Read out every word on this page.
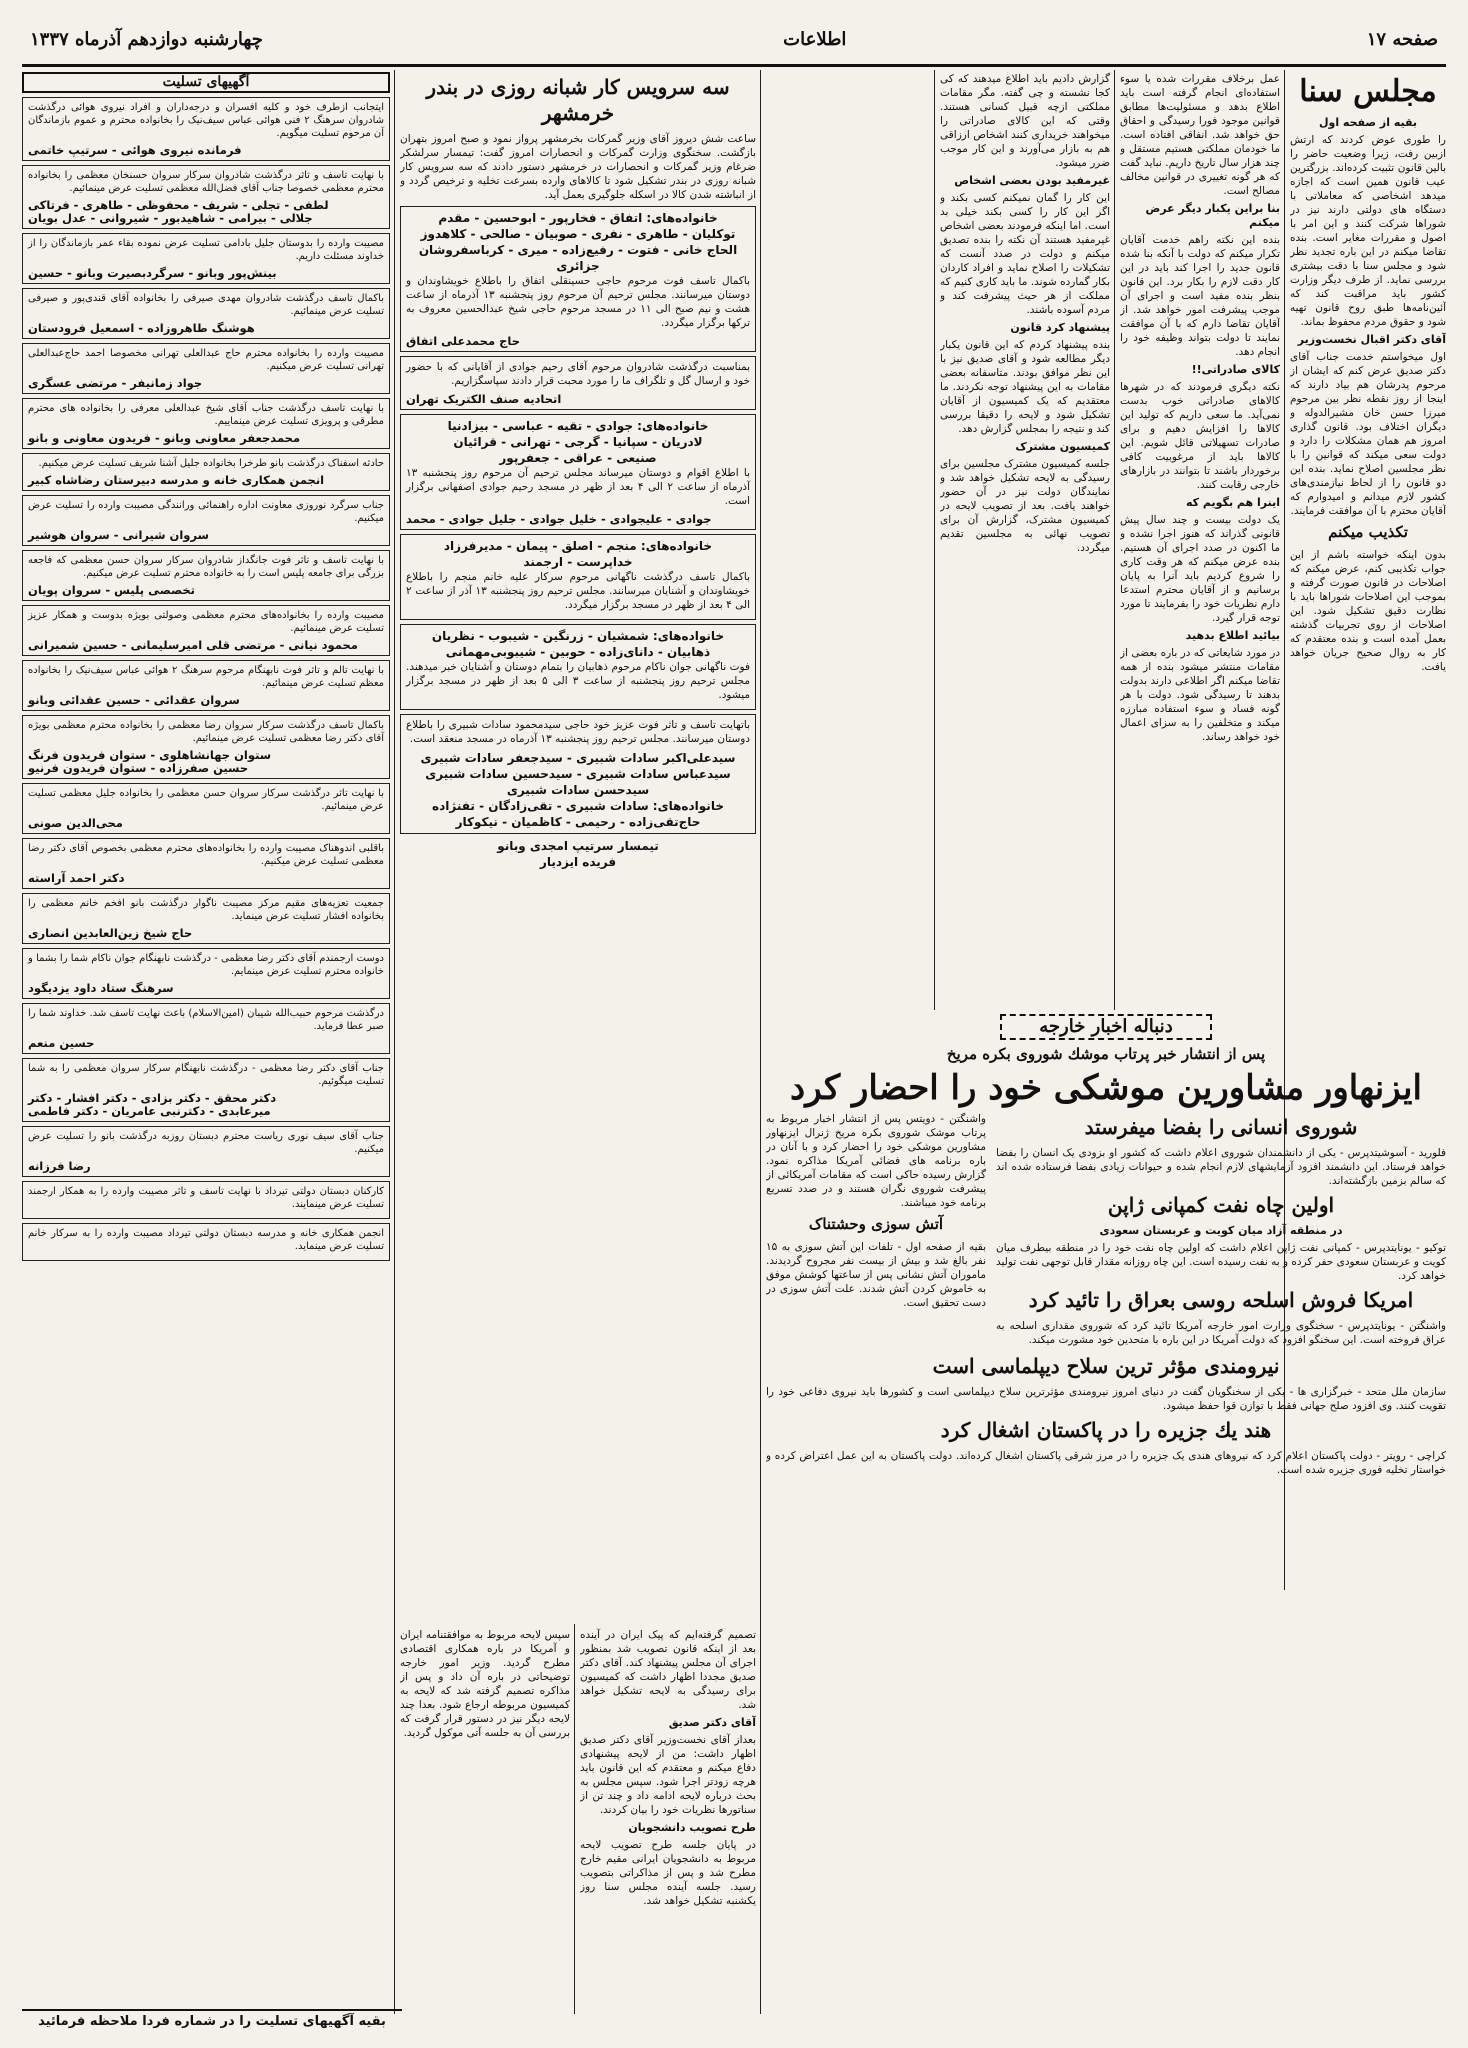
صفحه ۱۷
اطلاعات
چهارشنبه دوازدهم آذرماه ۱۳۳۷
مجلس سنا
بقیه از صفحه اول

را طوری عوض کردند که ارتش ازبین رفت، زیرا وضعیت حاضر را بالین قانون تثبیت کرده‌اند. بزرگترین عیب قانون همین است که اجازه میدهد اشخاصی که معاملاتی با دستگاه های دولتی دارند نیز در شوراها شرکت کنند و این امر با اصول و مقررات مغایر است. بنده تقاضا میکنم در این باره تجدید نظر شود و مجلس سنا با دقت بیشتری بررسی نماید. از طرف دیگر وزارت کشور باید مراقبت کند که آئین‌نامه‌ها طبق روح قانون تهیه شود و حقوق مردم محفوظ بماند.

آقای دکتر اقبال نخست‌وزیر

اول میخواستم خدمت جناب آقای دکتر صدیق عرض کنم که ایشان از مرحوم پدرشان هم بیاد دارند که اینجا از روز نقطه نظر بین مرحوم میرزا حسن خان مشیرالدوله و دیگران اختلاف بود. قانون گذاری امروز هم همان مشکلات را دارد و دولت سعی میکند که قوانین را با نظر مجلسین اصلاح نماید. بنده این دو قانون را از لحاظ نیازمندی‌های کشور لازم میدانم و امیدوارم که آقایان محترم با آن موافقت فرمایند.

تکذیب میکنم

بدون اینکه خواسته باشم از این جواب تکذیبی کنم، عرض میکنم که اصلاحات در قانون صورت گرفته و بموجب این اصلاحات شوراها باید با نظارت دقیق تشکیل شود. این اصلاحات از روی تجربیات گذشته بعمل آمده است و بنده معتقدم که کار به روال صحیح جریان خواهد یافت.

عمل برخلاف مقررات شده یا سوء استفاده‌ای انجام گرفته است باید اطلاع بدهد و مسئولیت‌ها مطابق قوانین موجود فورا رسیدگی و احقاق حق خواهد شد. انفاقی افتاده است. ما خودمان مملکتی هستیم مستقل و چند هزار سال تاریخ داریم. نباید گفت که هر گونه تغییری در قوانین مخالف مصالح است.

بنا براین یکبار دیگر عرض میکنم

بنده این نکته راهم خدمت آقایان تکرار میکنم که دولت با آنکه بنا شده قانون جدید را اجرا کند باید در این کار دقت لازم را بکار برد. این قانون بنظر بنده مفید است و اجرای آن موجب پیشرفت امور خواهد شد. از آقایان تقاضا دارم که با آن موافقت نمایند تا دولت بتواند وظیفه خود را انجام دهد.

کالای صادراتی!!

نکته دیگری فرمودند که در شهرها کالاهای صادراتی خوب بدست نمی‌آید. ما سعی داریم که تولید این کالاها را افزایش دهیم و برای صادرات تسهیلاتی قائل شویم. این کالاها باید از مرغوبیت کافی برخوردار باشند تا بتوانند در بازارهای خارجی رقابت کنند.

اینرا هم بگویم که

یک دولت بیست و چند سال پیش قانونی گذراند که هنوز اجرا نشده و ما اکنون در صدد اجرای آن هستیم. بنده عرض میکنم که هر وقت کاری را شروع کردیم باید آنرا به پایان برسانیم و از آقایان محترم استدعا دارم نظریات خود را بفرمایند تا مورد توجه قرار گیرد.

بیائید اطلاع بدهید

در مورد شایعاتی که در باره بعضی از مقامات منتشر میشود بنده از همه تقاضا میکنم اگر اطلاعی دارند بدولت بدهند تا رسیدگی شود. دولت با هر گونه فساد و سوء استفاده مبارزه میکند و متخلفین را به سزای اعمال خود خواهد رساند.

گزارش دادیم باید اطلاع میدهند که کی کجا نشسته و چی گفته. مگر مقامات مملکتی ازچه قبیل کسانی هستند. وقتی که این کالای صادراتی را میخواهند خریداری کنند اشخاص ارزاقی هم به بازار می‌آورند و این کار موجب ضرر میشود.

غیرمفید بودن بعضی اشخاص

این کار را گمان نمیکنم کسی بکند و اگر این کار را کسی بکند خیلی بد است. اما اینکه فرمودند بعضی اشخاص غیرمفید هستند آن نکته را بنده تصدیق میکنم و دولت در صدد آنست که تشکیلات را اصلاح نماید و افراد کاردان بکار گمارده شوند. ما باید کاری کنیم که مملکت از هر حیث پیشرفت کند و مردم آسوده باشند.

پیشنهاد کرد قانون

بنده پیشنهاد کردم که این قانون یکبار دیگر مطالعه شود و آقای صدیق نیز با این نظر موافق بودند. متاسفانه بعضی مقامات به این پیشنهاد توجه نکردند. ما معتقدیم که یک کمیسیون از آقایان تشکیل شود و لایحه را دقیقا بررسی کند و نتیجه را بمجلس گزارش دهد.

کمیسیون مشترک

جلسه کمیسیون مشترک مجلسین برای رسیدگی به لایحه تشکیل خواهد شد و نمایندگان دولت نیز در آن حضور خواهند یافت. بعد از تصویب لایحه در کمیسیون مشترک، گزارش آن برای تصویب نهائی به مجلسین تقدیم میگردد.

دنباله اخبار خارجه
پس از انتشار خبر پرتاب موشك شوروی بكره مریخ
ایزنهاور مشاورین موشکی خود را احضار کرد
شوروی انسانی را بفضا میفرستد

فلورید - آسوشیتدپرس - یکی از دانشمندان شوروی اعلام داشت که کشور او بزودی یک انسان را بفضا خواهد فرستاد. این دانشمند افزود آزمایشهای لازم انجام شده و حیوانات زیادی بفضا فرستاده شده اند که سالم بزمین بازگشته‌اند.

اولین چاه نفت کمپانی ژاپن
در منطقه آزاد میان کویت و عربستان سعودی

توکیو - یونایتدپرس - کمپانی نفت ژاپن اعلام داشت که اولین چاه نفت خود را در منطقه بیطرف میان کویت و عربستان سعودی حفر کرده و به نفت رسیده است. این چاه روزانه مقدار قابل توجهی نفت تولید خواهد کرد.

امریکا فروش اسلحه روسی بعراق را تائید کرد

واشنگتن - یونایتدپرس - سخنگوی وزارت امور خارجه آمریکا تائید کرد که شوروی مقداری اسلحه به عراق فروخته است. این سخنگو افزود که دولت آمریکا در این باره با متحدین خود مشورت میکند.

واشنگتن - دویتس پس از انتشار اخبار مربوط به پرتاب موشک شوروی بكره مریخ ژنرال ایزنهاور مشاورین موشکی خود را احضار کرد و با آنان در باره برنامه های فضائی آمریکا مذاکره نمود. گزارش رسیده حاکی است که مقامات آمریکائی از پیشرفت شوروی نگران هستند و در صدد تسریع برنامه خود میباشند.

آتش سوزی وحشتناک

بقیه از صفحه اول - تلفات این آتش سوزی به ۱۵ نفر بالغ شد و بیش از بیست نفر مجروح گردیدند. ماموران آتش نشانی پس از ساعتها کوشش موفق به خاموش کردن آتش شدند. علت آتش سوزی در دست تحقیق است.

نیرومندی مؤثر ترین سلاح دیپلماسی است

سازمان ملل متحد - خبرگزاری ها - یکی از سخنگویان گفت در دنیای امروز نیرومندی مؤثرترین سلاح دیپلماسی است و کشورها باید نیروی دفاعی خود را تقویت کنند. وی افزود صلح جهانی فقط با توازن قوا حفظ میشود.

هند یك جزیره را در پاكستان اشغال كرد

کراچی - رویتر - دولت پاکستان اعلام کرد که نیروهای هندی یک جزیره را در مرز شرقی پاکستان اشغال کرده‌اند. دولت پاکستان به این عمل اعتراض کرده و خواستار تخلیه فوری جزیره شده است.

سه سرویس کار شبانه روزی در بندر خرمشهر

ساعت شش دیروز آقای وزیر گمرکات بخرمشهر پرواز نمود و صبح امروز بتهران بازگشت. سخنگوی وزارت گمرکات و انحصارات امروز گفت: تیمسار سرلشکر ضرغام وزیر گمرکات و انحصارات در خرمشهر دستور دادند که سه سرویس کار شبانه روزی در بندر تشکیل شود تا کالاهای وارده بسرعت تخلیه و ترخیص گردد و از انباشته شدن کالا در اسکله جلوگیری بعمل آید.

خانواده‌های: اتفاق - فخارپور - ابوحسین - مقدم
توکلیان - طاهری - نفری - صوبیان - صالحی - کلاهدوز
الحاج خانی - فتوت - رفیع‌زاده - میری - کرباسفروشان
جزائری

باکمال تاسف فوت مرحوم حاجی حسینقلی اتفاق را باطلاع خویشاوندان و دوستان میرسانند. مجلس ترحیم آن مرحوم روز پنجشنبه ۱۳ آذرماه از ساعت هشت و نیم صبح الی ۱۱ در مسجد مرحوم حاجی شیخ عبدالحسین معروف به ترکها برگزار میگردد.

حاج محمدعلی اتفاق

بمناسبت درگذشت شادروان مرحوم آقای رحیم جوادی از آقایانی که با حضور خود و ارسال گل و تلگراف ما را مورد محبت قرار دادند سپاسگزاریم.

اتحادیه صنف الکتریک تهران
خانواده‌های: جوادی - تقیه - عباسی - بیزادنیا
لادریان - سپانیا - گرجی - تهرانی - قرائیان
صنیعی - عراقی - جعفرپور

با اطلاع اقوام و دوستان میرساند مجلس ترحیم آن مرحوم روز پنجشنبه ۱۳ آذرماه از ساعت ۲ الی ۴ بعد از ظهر در مسجد رحیم جوادی اصفهانی برگزار است.

جوادی - علیجوادی - خلیل جوادی - جلیل جوادی - محمد
خانواده‌های: منجم - اصلق - پیمان - مدیرفرزاد
خداپرست - ارجمند

باکمال تاسف درگذشت ناگهانی مرحوم سرکار علیه خانم منجم را باطلاع خویشاوندان و آشنایان میرسانند. مجلس ترحیم روز پنجشنبه ۱۳ آذر از ساعت ۲ الی ۴ بعد از ظهر در مسجد برگزار میگردد.

خانواده‌های: شمشیان - زرنگین - شیبوب - نظریان
ذهابیان - دانای‌زاده - حوبین - شیبوبی‌مهمانی

فوت ناگهانی جوان ناکام مرحوم ذهابیان را بتمام دوستان و آشنایان خبر میدهند. مجلس ترحیم روز پنجشنبه از ساعت ۳ الی ۵ بعد از ظهر در مسجد برگزار میشود.

باتهایت تاسف و تاثر فوت عزیز خود حاجی سیدمحمود سادات شبیری را باطلاع دوستان میرسانند. مجلس ترحیم روز پنجشنبه ۱۳ آذرماه در مسجد منعقد است.

سیدعلی‌اکبر سادات شبیری - سیدجعفر سادات شبیری
سیدعباس سادات شبیری - سیدحسین سادات شبیری
سیدحسن سادات شبیری
خانواده‌های: سادات شبیری - تقی‌زادگان - تفنژاده
حاج‌تقی‌زاده - رحیمی - کاظمیان - نیکوکار
تیمسار سرتیپ امجدی وبانو
فریده ایزدیار

تصمیم گرفته‌ایم که پیک ایران در آینده بعد از اینکه قانون تصویب شد بمنظور اجرای آن مجلس پیشنهاد کند. آقای دکتر صدیق مجددا اظهار داشت که کمیسیون برای رسیدگی به لایحه تشکیل خواهد شد.

آقای دکتر صدیق

بعداز آقای نخست‌وزیر آقای دکتر صدیق اظهار داشت: من از لایحه پیشنهادی دفاع میکنم و معتقدم که این قانون باید هرچه زودتر اجرا شود. سپس مجلس به بحث درباره لایحه ادامه داد و چند تن از سناتورها نظریات خود را بیان کردند.

طرح تصویب دانشجویان

در پایان جلسه طرح تصویب لایحه مربوط به دانشجویان ایرانی مقیم خارج مطرح شد و پس از مذاکراتی بتصویب رسید. جلسه آینده مجلس سنا روز یکشنبه تشکیل خواهد شد.

سپس لایحه مربوط به موافقتنامه ایران و آمریکا در باره همکاری اقتصادی مطرح گردید. وزیر امور خارجه توضیحاتی در باره آن داد و پس از مذاکره تصمیم گرفته شد که لایحه به کمیسیون مربوطه ارجاع شود. بعدا چند لایحه دیگر نیز در دستور قرار گرفت که بررسی آن به جلسه آتی موکول گردید.

آگهیهای تسلیت

ایتجانب ازطرف خود و کلیه افسران و درجه‌داران و افراد نیروی هوائی درگذشت شادروان سرهنگ ۲ فنی هوائی عباس سیف‌نیک را بخانواده محترم و عموم بازماندگان آن مرحوم تسلیت میگویم.

فرمانده نیروی هوائی - سرتیپ خاتمی

با نهایت تاسف و تاثر درگذشت شادروان سرکار سروان حسنخان معظمی را بخانواده محترم معظمی خصوصا جناب آقای فضل‌الله معظمی تسلیت عرض مینمائیم.

لطفی - تجلی - شریف - محفوظی - طاهری - فرتاکی
جلالی - بیرامی - شاهیدبور - شیروانی - عدل بویان

مصیبت وارده را بدوستان جلیل بادامی تسلیت عرض نموده بقاء عمر بازماندگان را از خداوند مسئلت داریم.

بینش‌پور وبانو - سرگردبصیرت وبانو - حسین

باکمال تاسف درگذشت شادروان مهدی صیرفی را بخانواده آقای قندی‌پور و صیرفی تسلیت عرض مینمائیم.

هوشنگ طاهروزاده - اسمعیل فرودستان

مصیبت وارده را بخانواده محترم حاج عبدالعلی تهرانی مخصوصا احمد حاج‌عبدالعلی تهرانی تسلیت عرض میکنیم.

جواد زمانیفر - مرتضی عسگری

با نهایت تاسف درگذشت جناب آقای شیخ عبدالعلی معرفی را بخانواده های محترم مطرقی و پرویزی تسلیت عرض مینماییم.

محمدجعفر معاونی وبانو - فریدون معاونی و بانو

حادثه اسفناک درگذشت بانو طرخرا بخانواده جلیل آشنا شریف تسلیت عرض میکنیم.

انجمن همکاری خانه و مدرسه دبیرستان رضاشاه کبیر

جناب سرگرد نوروزی معاونت اداره راهنمائی ورانندگی مصیبت وارده را تسلیت عرض میکنیم.

سروان شیرانی - سروان هوشیر

با نهایت تاسف و تاثر فوت جانگداز شادروان سرکار سروان حسن معظمی که فاجعه بزرگی برای جامعه پلیس است را به خانواده محترم تسلیت عرض میکنیم.

تخصصی پلیس - سروان پویان

مصیبت وارده را بخانواده‌های محترم معظمی وصولتی بویژه بدوست و همکار عزیز تسلیت عرض مینمائیم.

محمود نیانی - مرتضی قلی امیرسلیمانی - حسین شمیرانی

با نهایت تالم و تاثر فوت نابهنگام مرحوم سرهنگ ۲ هوائی عباس سیف‌نیک را بخانواده معظم تسلیت عرض مینمائیم.

سروان عقدائی - حسین عقدائی وبانو

باکمال تاسف درگذشت سرکار سروان رضا معظمی را بخانواده محترم معظمی بویژه آقای دکتر رضا معظمی تسلیت عرض مینمائیم.

ستوان جهانشاهلوی - ستوان فریدون فرنگ
حسین صفرزاده - ستوان فریدون فرنیو

با نهایت تاثر درگذشت سرکار سروان حسن معظمی را بخانواده جلیل معظمی تسلیت عرض مینمائیم.

محی‌الدین صونی

باقلبی اندوهناک مصیبت وارده را بخانواده‌های محترم معظمی بخصوص آقای دکتر رضا معظمی تسلیت عرض میکنیم.

دکتر احمد آراسته

جمعیت تعزیه‌های مقیم مرکز مصیبت ناگوار درگذشت بانو افخم خانم معظمی را بخانواده افشار تسلیت عرض مینماید.

حاج شیخ زین‌العابدین انصاری

دوست ارجمندم آقای دکتر رضا معظمی - درگذشت نابهنگام جوان ناکام شما را بشما و خانواده محترم تسلیت عرض مینمایم.

سرهنگ ستاد داود یزدیگود

درگذشت مرحوم حبیب‌الله شیبان (امین‌الاسلام) باعث نهایت تاسف شد. خداوند شما را صبر عطا فرماید.

حسین منعم

جناب آقای دکتر رضا معظمی - درگذشت نابهنگام سرکار سروان معظمی را به شما تسلیت میگوئیم.

دکتر محقق - دکتر بزادی - دکتر افشار - دکتر
میرعابدی - دکترنبی عامریان - دکتر فاطمی

جناب آقای سیف نوری ریاست محترم دبستان روزبه درگذشت بانو را تسلیت عرض میکنیم.

رضا فرزانه

کارکنان دبستان دولتی تیرداد با نهایت تاسف و تاثر مصیبت وارده را به همکار ارجمند تسلیت عرض مینمایند.

انجمن همکاری خانه و مدرسه دبستان دولتی تیرداد مصیبت وارده را به سرکار خانم تسلیت عرض مینماید.

بقیه آگهیهای تسلیت را در شماره فردا ملاحظه فرمائید
